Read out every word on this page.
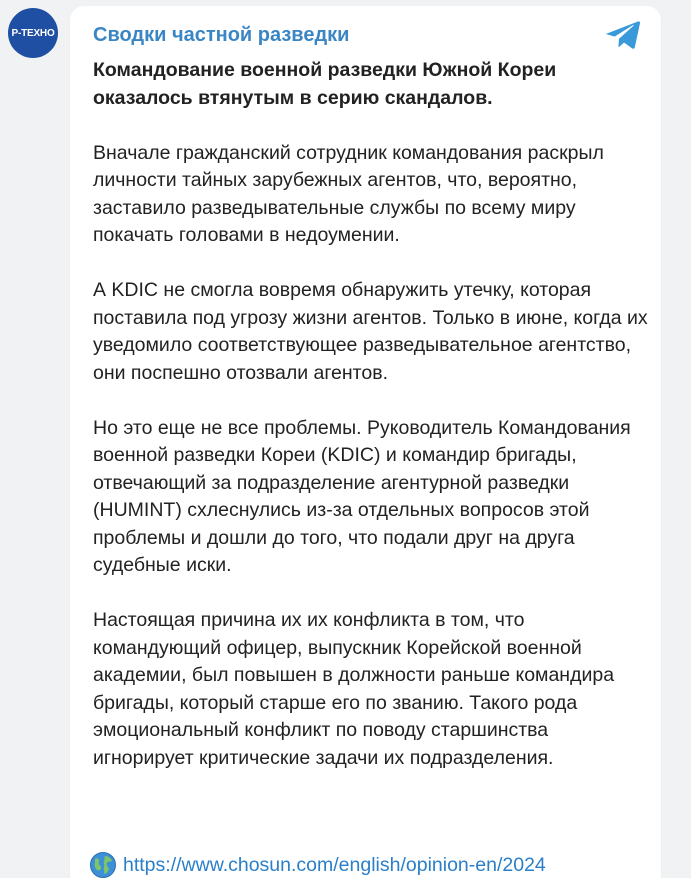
Р-ТЕХНО Сводки частной разведки

Командование военной разведки Южной Кореи оказалось втянутым в серию скандалов.

Вначале гражданский сотрудник командования раскрыл личности тайных зарубежных агентов, что, вероятно, заставило разведывательные службы по всему миру покачать головами в недоумении.

А KDIC не смогла вовремя обнаружить утечку, которая поставила под угрозу жизни агентов. Только в июне, когда их уведомило соответствующее разведывательное агентство, они поспешно отозвали агентов.

Но это еще не все проблемы. Руководитель Командования военной разведки Кореи (KDIC) и командир бригады, отвечающий за подразделение агентурной разведки (HUMINT) схлеснулись из-за отдельных вопросов этой проблемы и дошли до того, что подали друг на друга судебные иски.

Настоящая причина их их конфликта в том, что командующий офицер, выпускник Корейской военной академии, был повышен в должности раньше командира бригады, который старше его по званию. Такого рода эмоциональный конфликт по поводу старшинства игнорирует критические задачи их подразделения.

https://www.chosun.com/english/opinion-en/2024
